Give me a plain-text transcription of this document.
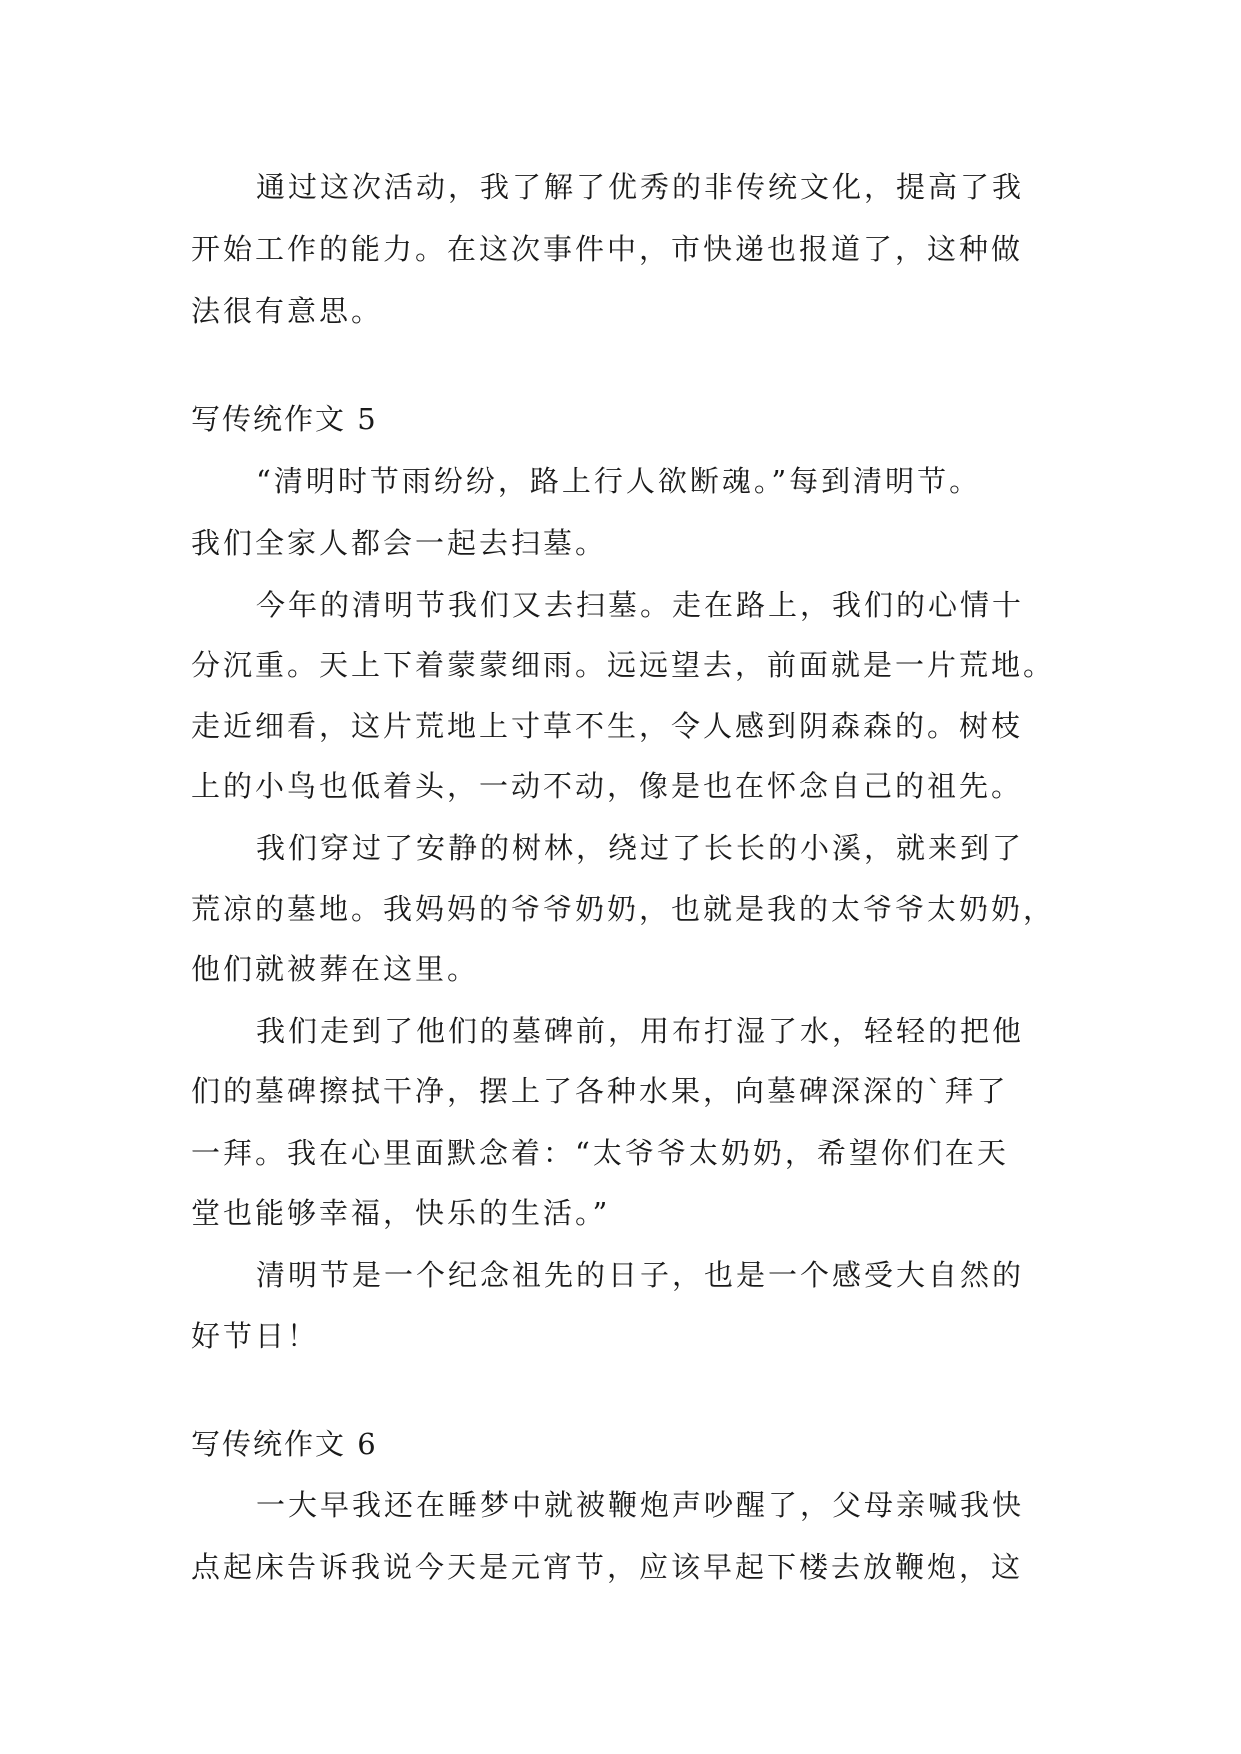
通过这次活动，我了解了优秀的非传统文化，提高了我
开始工作的能力。在这次事件中，市快递也报道了，这种做
法很有意思。
写传统作文 5
“清明时节雨纷纷，路上行人欲断魂。”每到清明节。
我们全家人都会一起去扫墓。
今年的清明节我们又去扫墓。走在路上，我们的心情十
分沉重。天上下着蒙蒙细雨。远远望去，前面就是一片荒地。
走近细看，这片荒地上寸草不生，令人感到阴森森的。树枝
上的小鸟也低着头，一动不动，像是也在怀念自己的祖先。
我们穿过了安静的树林，绕过了长长的小溪，就来到了
荒凉的墓地。我妈妈的爷爷奶奶，也就是我的太爷爷太奶奶，
他们就被葬在这里。
我们走到了他们的墓碑前，用布打湿了水，轻轻的把他
们的墓碑擦拭干净，摆上了各种水果，向墓碑深深的`拜了
一拜。我在心里面默念着：“太爷爷太奶奶，希望你们在天
堂也能够幸福，快乐的生活。”
清明节是一个纪念祖先的日子，也是一个感受大自然的
好节日！
写传统作文 6
一大早我还在睡梦中就被鞭炮声吵醒了，父母亲喊我快
点起床告诉我说今天是元宵节，应该早起下楼去放鞭炮，这
